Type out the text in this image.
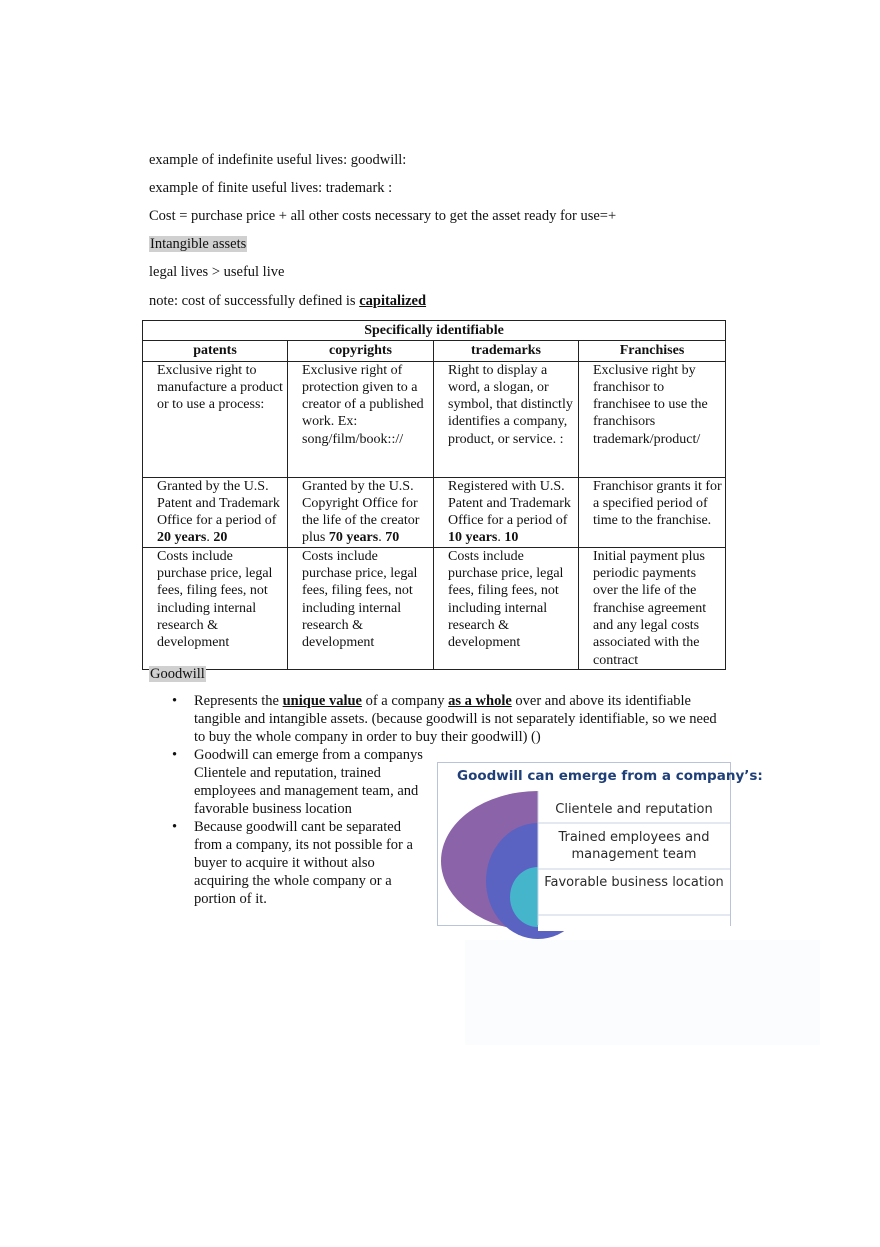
example of indefinite useful lives: goodwill:
example of finite useful lives: trademark :
Cost = purchase price + all other costs necessary to get the asset ready for use=+
Intangible assets
legal lives > useful live
note: cost of successfully defined is capitalized
Specifically identifiable			
patents	copyrights	trademarks	Franchises
Exclusive right to manufacture a product or to use a process:	Exclusive right of protection given to a creator of a published work. Ex: song/film/book:://	Right to display a word, a slogan, or symbol, that distinctly identifies a company, product, or service. :	Exclusive right by franchisor to franchisee to use the franchisors trademark/product/
Granted by the U.S. Patent and Trademark Office for a period of 20 years. 20	Granted by the U.S. Copyright Office for the life of the creator plus 70 years. 70	Registered with U.S. Patent and Trademark Office for a period of 10 years. 10	Franchisor grants it for a specified period of time to the franchise.
Costs include purchase price, legal fees, filing fees, not including internal research & development	Costs include purchase price, legal fees, filing fees, not including internal research & development	Costs include purchase price, legal fees, filing fees, not including internal research & development	Initial payment plus periodic payments over the life of the franchise agreement and any legal costs associated with the contract
Goodwill
• Represents the unique value of a company as a whole over and above its identifiable tangible and intangible assets. (because goodwill is not separately identifiable, so we need to buy the whole company in order to buy their goodwill) ()
• Goodwill can emerge from a companys Clientele and reputation, trained employees and management team, and favorable business location
• Because goodwill cant be separated from a company, its not possible for a buyer to acquire it without also acquiring the whole company or a portion of it.
Goodwill can emerge from a company’s:
Clientele and reputation
Trained employees and management team
Favorable business location
